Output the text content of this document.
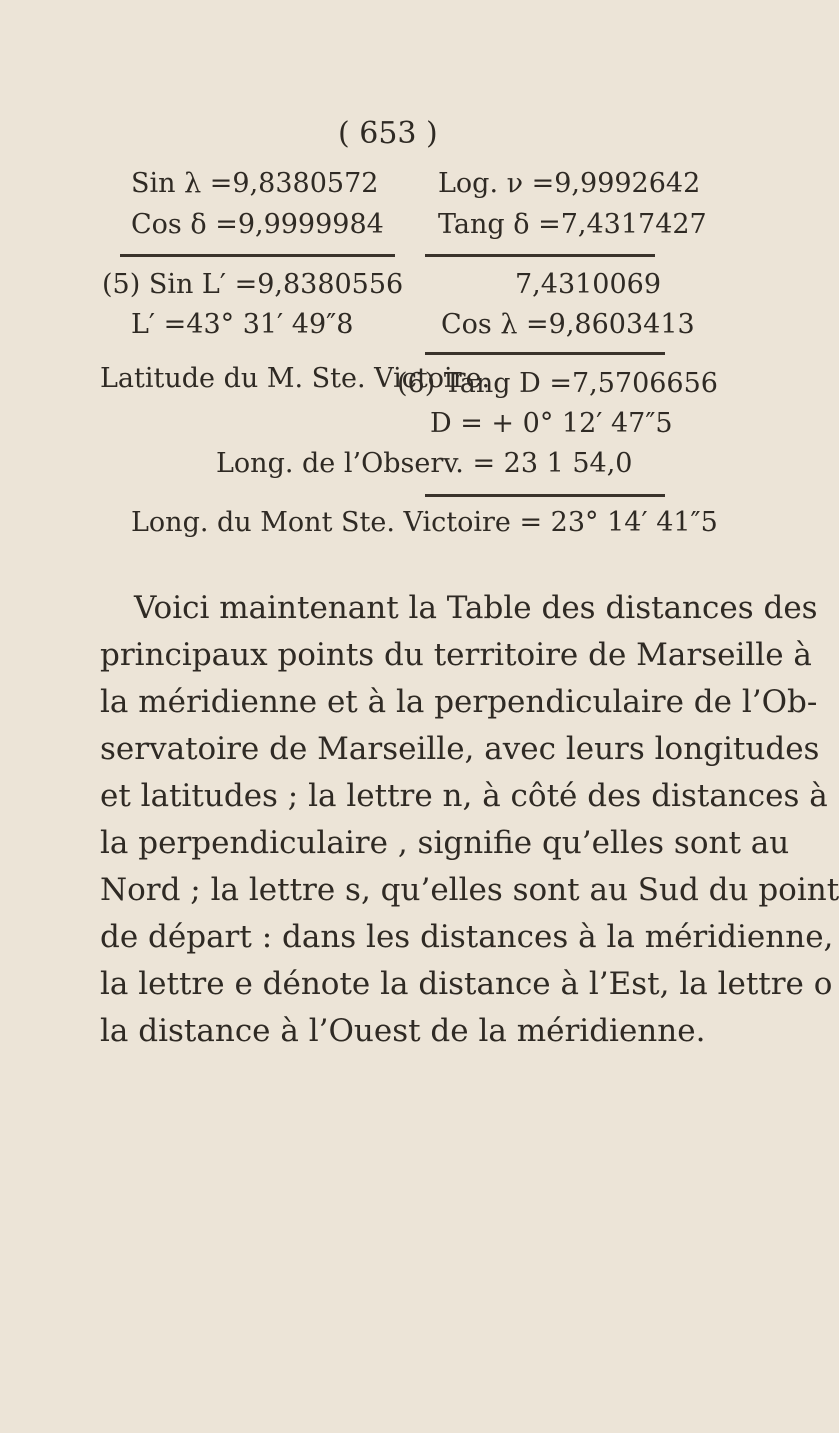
( 653 )
Sin λ =9,8380572 Log. ν =9,9992642
Cos δ =9,9999984 Tang δ =7,4317427
(5) Sin L′ =9,8380556	7,4310069
L′ =43° 31′ 49″8	Cos λ =9,8603413
Latitude du M. Ste. Victoire.
(6) Tang D =7,5706656
D = + 0° 12′ 47″5
Long. de l’Observ. = 23 1 54,0
Long. du Mont Ste. Victoire = 23° 14′ 41″5
Voici maintenant la Table des distances des
principaux points du territoire de Marseille à
la méridienne et à la perpendiculaire de l’Ob-
servatoire de Marseille, avec leurs longitudes
et latitudes ; la lettre n, à côté des distances à
la perpendiculaire , signifie qu’elles sont au
Nord ; la lettre s, qu’elles sont au Sud du point
de départ : dans les distances à la méridienne,
la lettre e dénote la distance à l’Est, la lettre o
la distance à l’Ouest de la méridienne.
